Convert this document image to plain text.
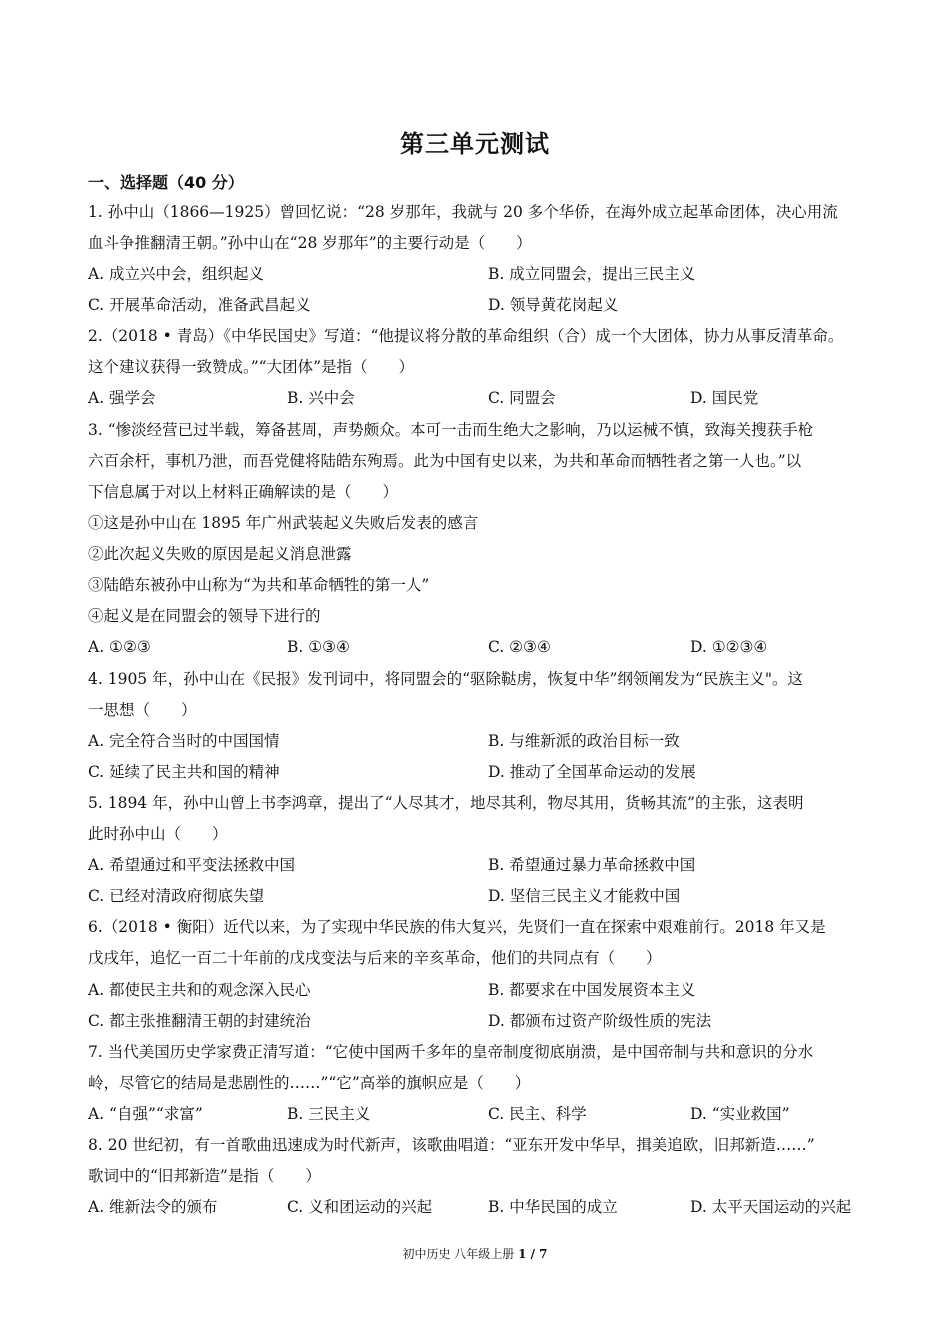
第三单元测试
一、选择题（40 分）
1. 孙中山（1866—1925）曾回忆说：“28 岁那年，我就与 20 多个华侨，在海外成立起革命团体，决心用流
血斗争推翻清王朝。”孙中山在“28 岁那年”的主要行动是（　　）
A. 成立兴中会，组织起义	B. 成立同盟会，提出三民主义
C. 开展革命活动，准备武昌起义	D. 领导黄花岗起义
2.（2018 • 青岛）《中华民国史》写道：“他提议将分散的革命组织（合）成一个大团体，协力从事反清革命。
这个建议获得一致赞成。”“大团体”是指（　　）
A. 强学会	B. 兴中会	C. 同盟会	D. 国民党
3. “惨淡经营已过半载，筹备甚周，声势颇众。本可一击而生绝大之影响，乃以运械不慎，致海关搜获手枪
六百余杆，事机乃泄，而吾党健将陆皓东殉焉。此为中国有史以来，为共和革命而牺牲者之第一人也。”以
下信息属于对以上材料正确解读的是（　　）
①这是孙中山在 1895 年广州武装起义失败后发表的感言
②此次起义失败的原因是起义消息泄露
③陆皓东被孙中山称为“为共和革命牺牲的第一人”
④起义是在同盟会的领导下进行的
A. ①②③	B. ①③④	C. ②③④	D. ①②③④
4. 1905 年，孙中山在《民报》发刊词中，将同盟会的“驱除鞑虏，恢复中华”纲领阐发为“民族主义"。这
一思想（　　）
A. 完全符合当时的中国国情	B. 与维新派的政治目标一致
C. 延续了民主共和国的精神	D. 推动了全国革命运动的发展
5. 1894 年，孙中山曾上书李鸿章，提出了“人尽其才，地尽其利，物尽其用，货畅其流”的主张，这表明
此时孙中山（　　）
A. 希望通过和平变法拯救中国	B. 希望通过暴力革命拯救中国
C. 已经对清政府彻底失望	D. 坚信三民主义才能救中国
6.（2018 • 衡阳）近代以来，为了实现中华民族的伟大复兴，先贤们一直在探索中艰难前行。2018 年又是
戊戌年，追忆一百二十年前的戊戌变法与后来的辛亥革命，他们的共同点有（　　）
A. 都使民主共和的观念深入民心	B. 都要求在中国发展资本主义
C. 都主张推翻清王朝的封建统治	D. 都颁布过资产阶级性质的宪法
7. 当代美国历史学家费正清写道：“它使中国两千多年的皇帝制度彻底崩溃，是中国帝制与共和意识的分水
岭，尽管它的结局是悲剧性的……”“它”高举的旗帜应是（　　）
A. “自强”“求富”	B. 三民主义	C. 民主、科学	D. “实业救国”
8. 20 世纪初，有一首歌曲迅速成为时代新声，该歌曲唱道：“亚东开发中华早，揖美追欧，旧邦新造……”
歌词中的“旧邦新造”是指（　　）
A. 维新法令的颁布	C. 义和团运动的兴起	B. 中华民国的成立	D. 太平天国运动的兴起
初中历史 八年级上册 1 / 7
